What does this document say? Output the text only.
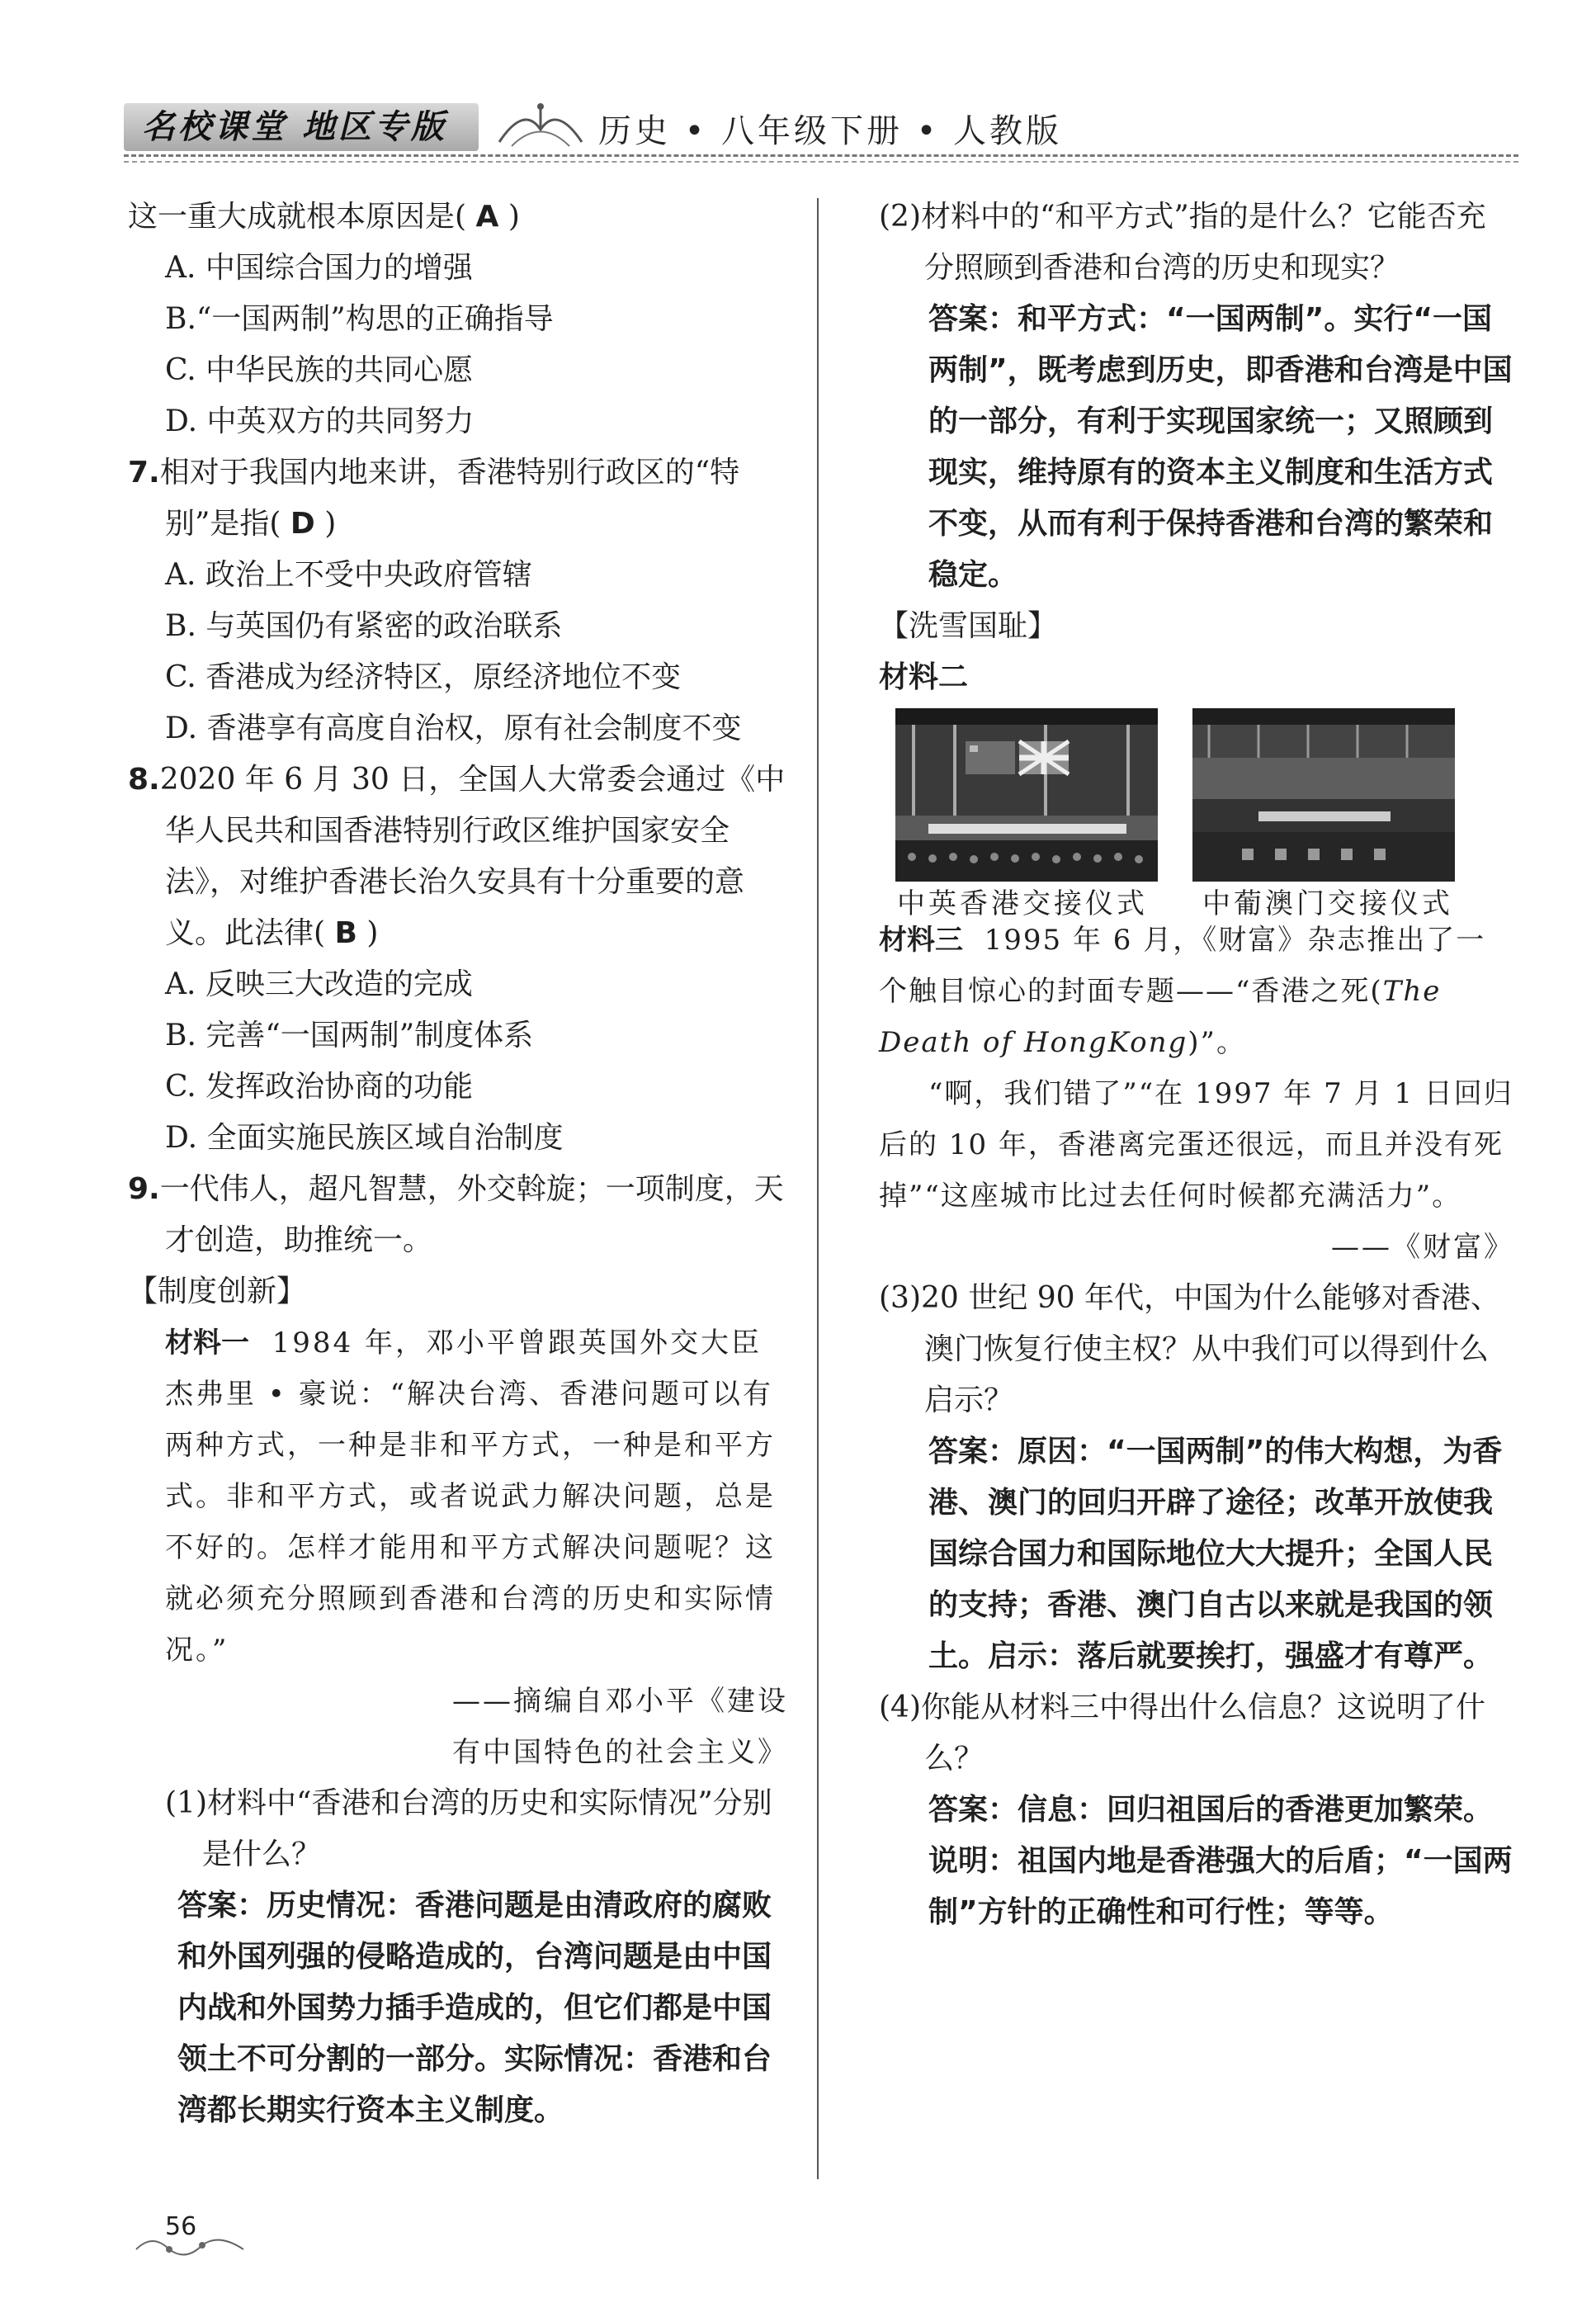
名校课堂 地区专版	历史 • 八年级下册 • 人教版

这一重大成就根本原因是( A )

A. 中国综合国力的增强

B.“一国两制”构思的正确指导

C. 中华民族的共同心愿

D. 中英双方的共同努力

7.相对于我国内地来讲，香港特别行政区的“特别”是指( D )

A. 政治上不受中央政府管辖

B. 与英国仍有紧密的政治联系

C. 香港成为经济特区，原经济地位不变

D. 香港享有高度自治权，原有社会制度不变

8.2020 年 6 月 30 日，全国人大常委会通过《中华人民共和国香港特别行政区维护国家安全法》，对维护香港长治久安具有十分重要的意义。此法律( B )

A. 反映三大改造的完成

B. 完善“一国两制”制度体系

C. 发挥政治协商的功能

D. 全面实施民族区域自治制度

9.一代伟人，超凡智慧，外交斡旋；一项制度，天才创造，助推统一。

【制度创新】

材料一 1984 年，邓小平曾跟英国外交大臣杰弗里 • 豪说：“解决台湾、香港问题可以有两种方式，一种是非和平方式，一种是和平方式。非和平方式，或者说武力解决问题，总是不好的。怎样才能用和平方式解决问题呢？这就必须充分照顾到香港和台湾的历史和实际情况。”

——摘编自邓小平《建设

有中国特色的社会主义》

(1)材料中“香港和台湾的历史和实际情况”分别是什么？

答案：历史情况：香港问题是由清政府的腐败和外国列强的侵略造成的，台湾问题是由中国内战和外国势力插手造成的，但它们都是中国领土不可分割的一部分。实际情况：香港和台湾都长期实行资本主义制度。

(2)材料中的“和平方式”指的是什么？它能否充分照顾到香港和台湾的历史和现实？

答案：和平方式：“一国两制”。实行“一国两制”，既考虑到历史，即香港和台湾是中国的一部分，有利于实现国家统一；又照顾到现实，维持原有的资本主义制度和生活方式不变，从而有利于保持香港和台湾的繁荣和稳定。

【洗雪国耻】

材料二

中英香港交接仪式 中葡澳门交接仪式

材料三 1995 年 6 月，《财富》杂志推出了一个触目惊心的封面专题——“香港之死(The Death of HongKong)”。

“啊，我们错了”“在 1997 年 7 月 1 日回归后的 10 年，香港离完蛋还很远，而且并没有死掉”“这座城市比过去任何时候都充满活力”。

——《财富》

(3)20 世纪 90 年代，中国为什么能够对香港、澳门恢复行使主权？从中我们可以得到什么启示？

答案：原因：“一国两制”的伟大构想，为香港、澳门的回归开辟了途径；改革开放使我国综合国力和国际地位大大提升；全国人民的支持；香港、澳门自古以来就是我国的领土。启示：落后就要挨打，强盛才有尊严。

(4)你能从材料三中得出什么信息？这说明了什么？

答案：信息：回归祖国后的香港更加繁荣。说明：祖国内地是香港强大的后盾；“一国两制”方针的正确性和可行性；等等。

56
